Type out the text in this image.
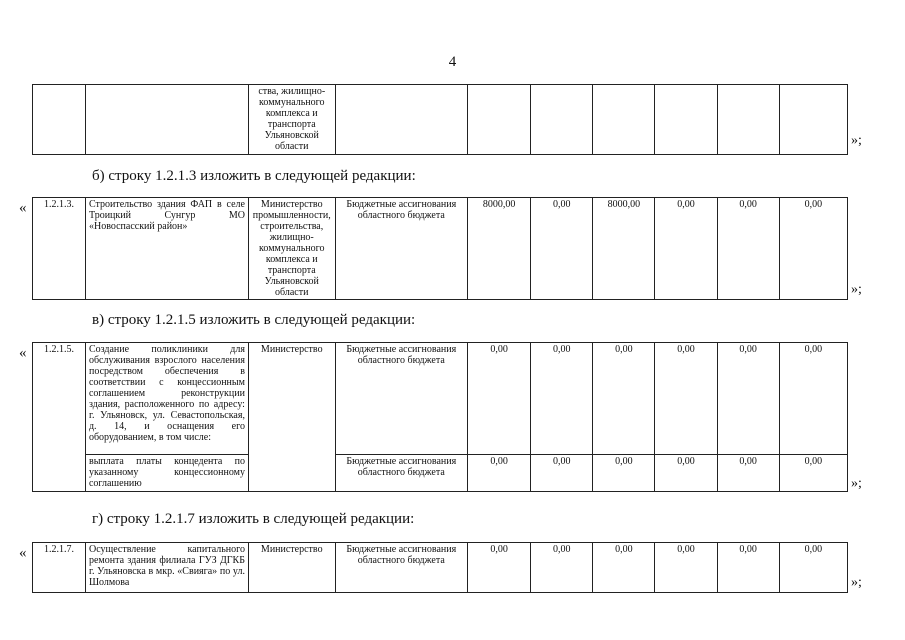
4
		ства, жилищно-
коммунального
комплекса и
транспорта
Ульяновской
области								»;
б) строку 1.2.1.3 изложить в следующей редакции:
« 1.2.1.3.	Строительство здания ФАП в селе Троицкий Сунгур МО «Новоспасский район»	Министерство промышленности, строительства, жилищно-коммунального комплекса и транспорта Ульяновской области	Бюджетные ассигнования областного бюджета	8000,00	0,00	8000,00	0,00	0,00	0,00
»;
в) строку 1.2.1.5 изложить в следующей редакции:
« 1.2.1.5.	Создание поликлиники для обслуживания взрослого населения посредством обеспечения в соответствии с концессионным соглашением реконструкции здания, расположенного по адресу: г. Ульяновск, ул. Севастопольская, д. 14, и оснащения его оборудованием, в том числе:	Министерство	Бюджетные ассигнования областного бюджета	0,00	0,00	0,00	0,00	0,00	0,00
	выплата платы концедента по указанному концессионному соглашению		Бюджетные ассигнования областного бюджета	0,00	0,00	0,00	0,00	0,00	0,00
»;
г) строку 1.2.1.7 изложить в следующей редакции:
« 1.2.1.7.	Осуществление капитального ремонта здания филиала ГУЗ ДГКБ г. Ульяновска в мкр. «Свияга» по ул. Шолмова	Министерство	Бюджетные ассигнования областного бюджета	0,00	0,00	0,00	0,00	0,00	0,00
»;
